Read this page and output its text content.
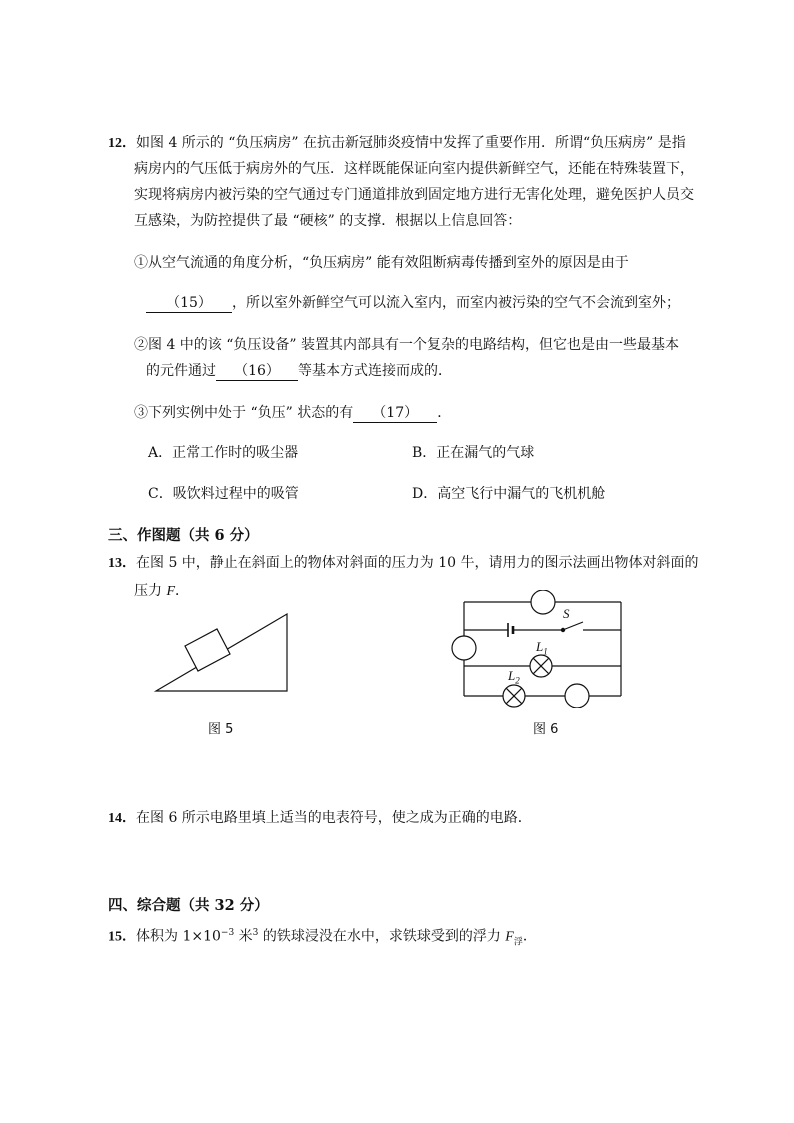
12．如图 4 所示的 “负压病房” 在抗击新冠肺炎疫情中发挥了重要作用．所谓“负压病房” 是指
病房内的气压低于病房外的气压．这样既能保证向室内提供新鲜空气，还能在特殊装置下，
实现将病房内被污染的空气通过专门通道排放到固定地方进行无害化处理，避免医护人员交
互感染，为防控提供了最 “硬核” 的支撑．根据以上信息回答：
①从空气流通的角度分析，“负压病房” 能有效阻断病毒传播到室外的原因是由于
（15） ，所以室外新鲜空气可以流入室内，而室内被污染的空气不会流到室外；
②图 4 中的该 “负压设备” 装置其内部具有一个复杂的电路结构，但它也是由一些最基本
的元件通过 （16） 等基本方式连接而成的．
③下列实例中处于 “负压” 状态的有 （17） ．
A．正常工作时的吸尘器	B．正在漏气的气球
C．吸饮料过程中的吸管	D．高空飞行中漏气的飞机机舱
三、作图题（共 6 分）
13．在图 5 中，静止在斜面上的物体对斜面的压力为 10 牛，请用力的图示法画出物体对斜面的
压力 F．
图 5
S
$L_1$
$L_2$
图 6
14．在图 6 所示电路里填上适当的电表符号，使之成为正确的电路．
四、综合题（共 32 分）
15．体积为 $1\times 10^{-3}$ 米$^3$ 的铁球浸没在水中，求铁球受到的浮力 $F_浮$．
